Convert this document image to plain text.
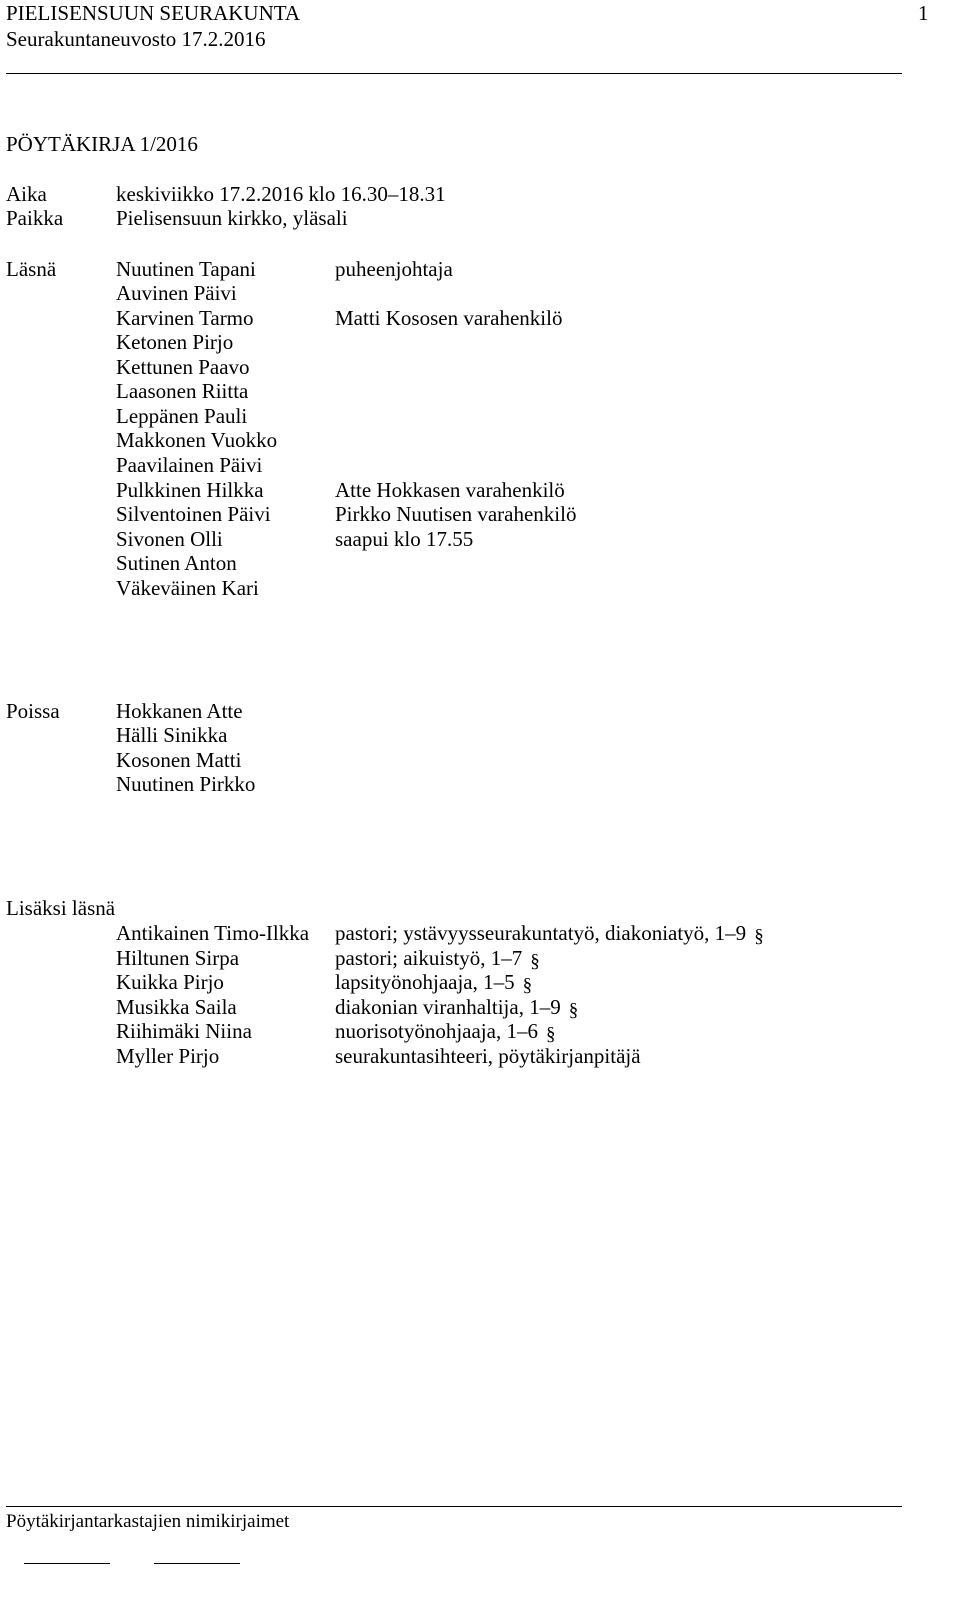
PIELISENSUUN SEURAKUNTA	1
Seurakuntaneuvosto 17.2.2016
PÖYTÄKIRJA 1/2016
Aika	keskiviikko 17.2.2016 klo 16.30–18.31
Paikka	Pielisensuun kirkko, yläsali
Läsnä	Nuutinen Tapani	puheenjohtaja
Auvinen Päivi
Karvinen Tarmo	Matti Kososen varahenkilö
Ketonen Pirjo
Kettunen Paavo
Laasonen Riitta
Leppänen Pauli
Makkonen Vuokko
Paavilainen Päivi
Pulkkinen Hilkka	Atte Hokkasen varahenkilö
Silventoinen Päivi	Pirkko Nuutisen varahenkilö
Sivonen Olli	saapui klo 17.55
Sutinen Anton
Väkeväinen Kari
Poissa	Hokkanen Atte
Hälli Sinikka
Kosonen Matti
Nuutinen Pirkko
Lisäksi läsnä
Antikainen Timo-Ilkka pastori; ystävyysseurakuntatyö, diakoniatyö, 1–9 §
Hiltunen Sirpa	pastori; aikuistyö, 1–7 §
Kuikka Pirjo	lapsityönohjaaja, 1–5 §
Musikka Saila	diakonian viranhaltija, 1–9 §
Riihimäki Niina	nuorisotyönohjaaja, 1–6 §
Myller Pirjo	seurakuntasihteeri, pöytäkirjanpitäjä
Pöytäkirjantarkastajien nimikirjaimet
